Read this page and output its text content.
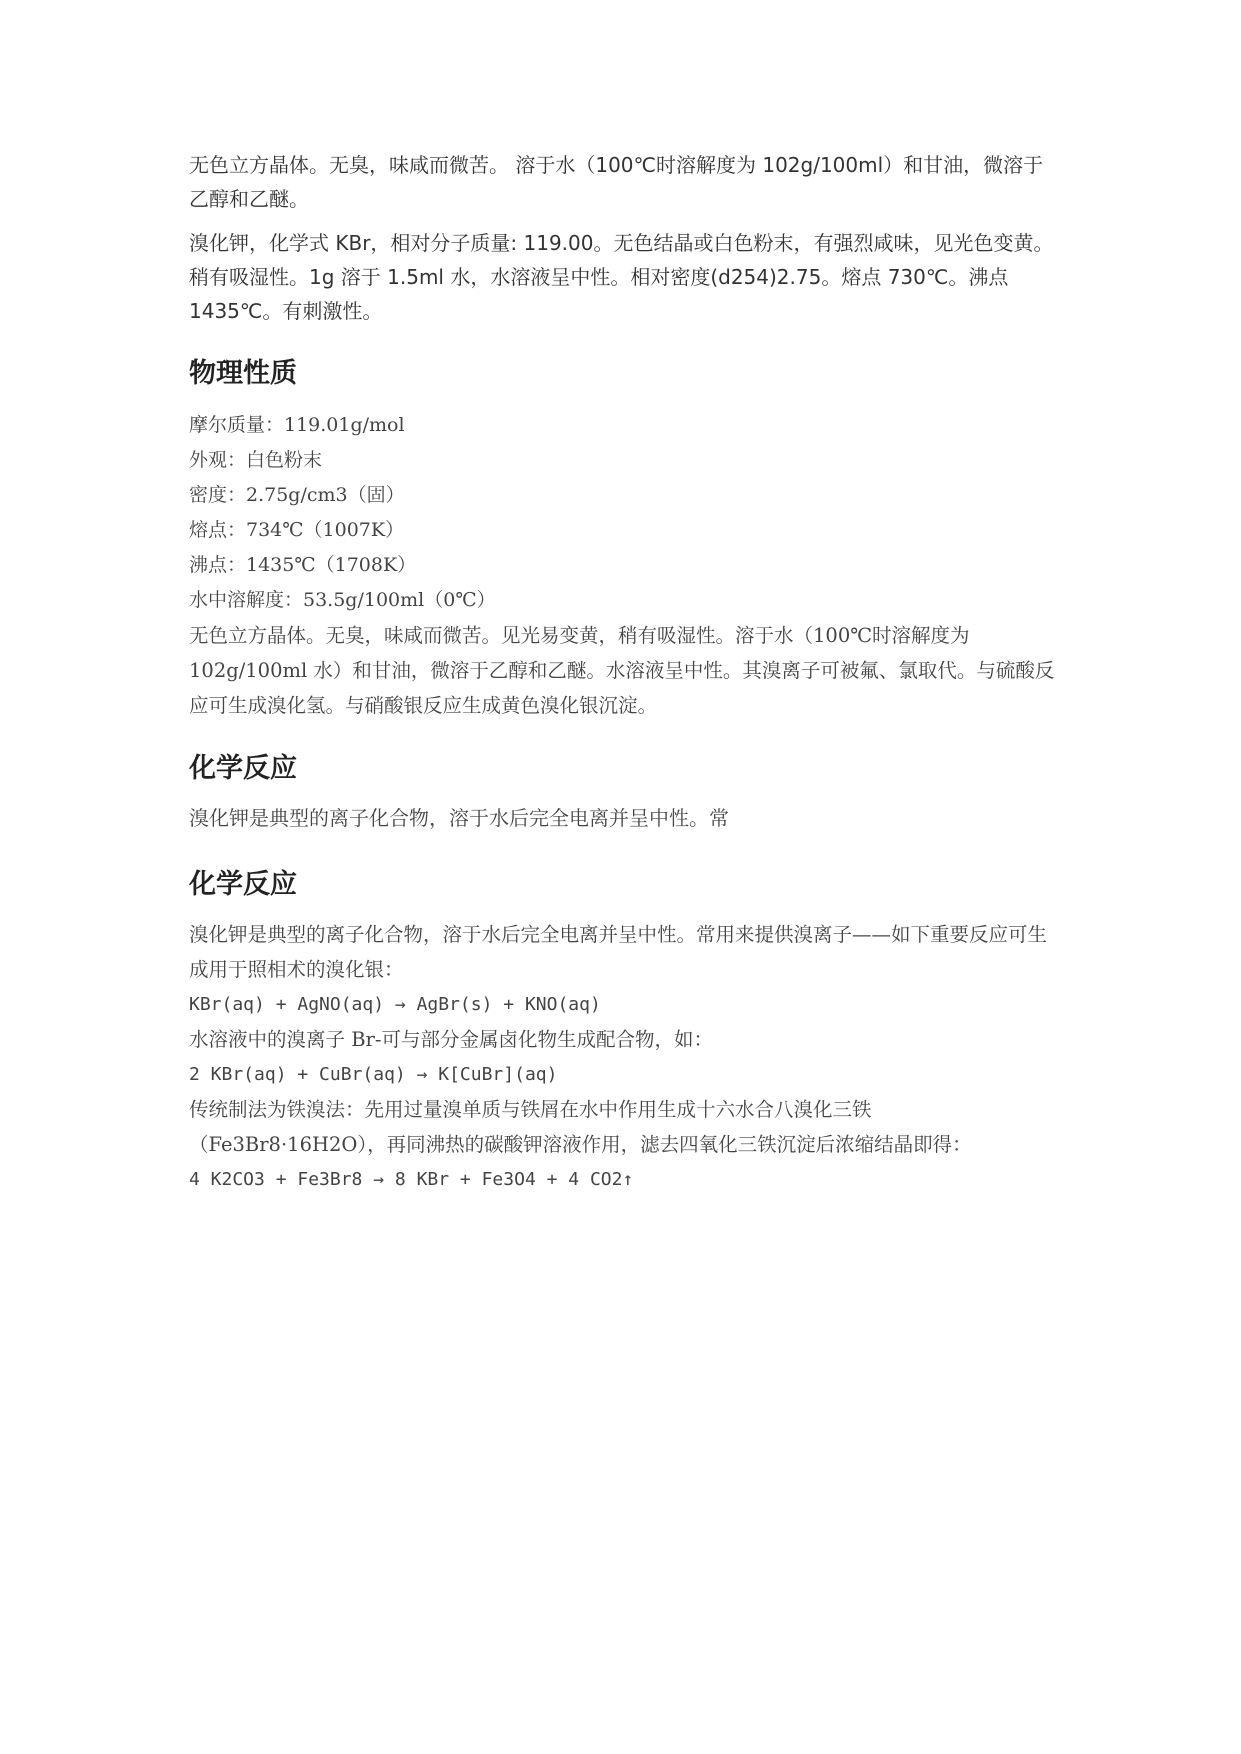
无色立方晶体。无臭，味咸而微苦。 溶于水（100℃时溶解度为 102g/100ml）和甘油，微溶于乙醇和乙醚。

溴化钾，化学式 KBr，相对分子质量: 119.00。无色结晶或白色粉末，有强烈咸味，见光色变黄。稍有吸湿性。1g 溶于 1.5ml 水，水溶液呈中性。相对密度(d254)2.75。熔点 730℃。沸点 1435℃。有刺激性。

物理性质
摩尔质量：119.01g/mol
外观：白色粉末
密度：2.75g/cm3（固）
熔点：734℃（1007K）
沸点：1435℃（1708K）
水中溶解度：53.5g/100ml（0℃）
无色立方晶体。无臭，味咸而微苦。见光易变黄，稍有吸湿性。溶于水（100℃时溶解度为 102g/100ml 水）和甘油，微溶于乙醇和乙醚。水溶液呈中性。其溴离子可被氟、氯取代。与硫酸反应可生成溴化氢。与硝酸银反应生成黄色溴化银沉淀。
化学反应

溴化钾是典型的离子化合物，溶于水后完全电离并呈中性。常

化学反应
溴化钾是典型的离子化合物，溶于水后完全电离并呈中性。常用来提供溴离子——如下重要反应可生成用于照相术的溴化银：
KBr(aq) + AgNO(aq) → AgBr(s) + KNO(aq)
水溶液中的溴离子 Br-可与部分金属卤化物生成配合物，如：
2 KBr(aq) + CuBr(aq) → K[CuBr](aq)
传统制法为铁溴法：先用过量溴单质与铁屑在水中作用生成十六水合八溴化三铁（Fe3Br8·16H2O），再同沸热的碳酸钾溶液作用，滤去四氧化三铁沉淀后浓缩结晶即得：
4 K2CO3 + Fe3Br8 → 8 KBr + Fe3O4 + 4 CO2↑
